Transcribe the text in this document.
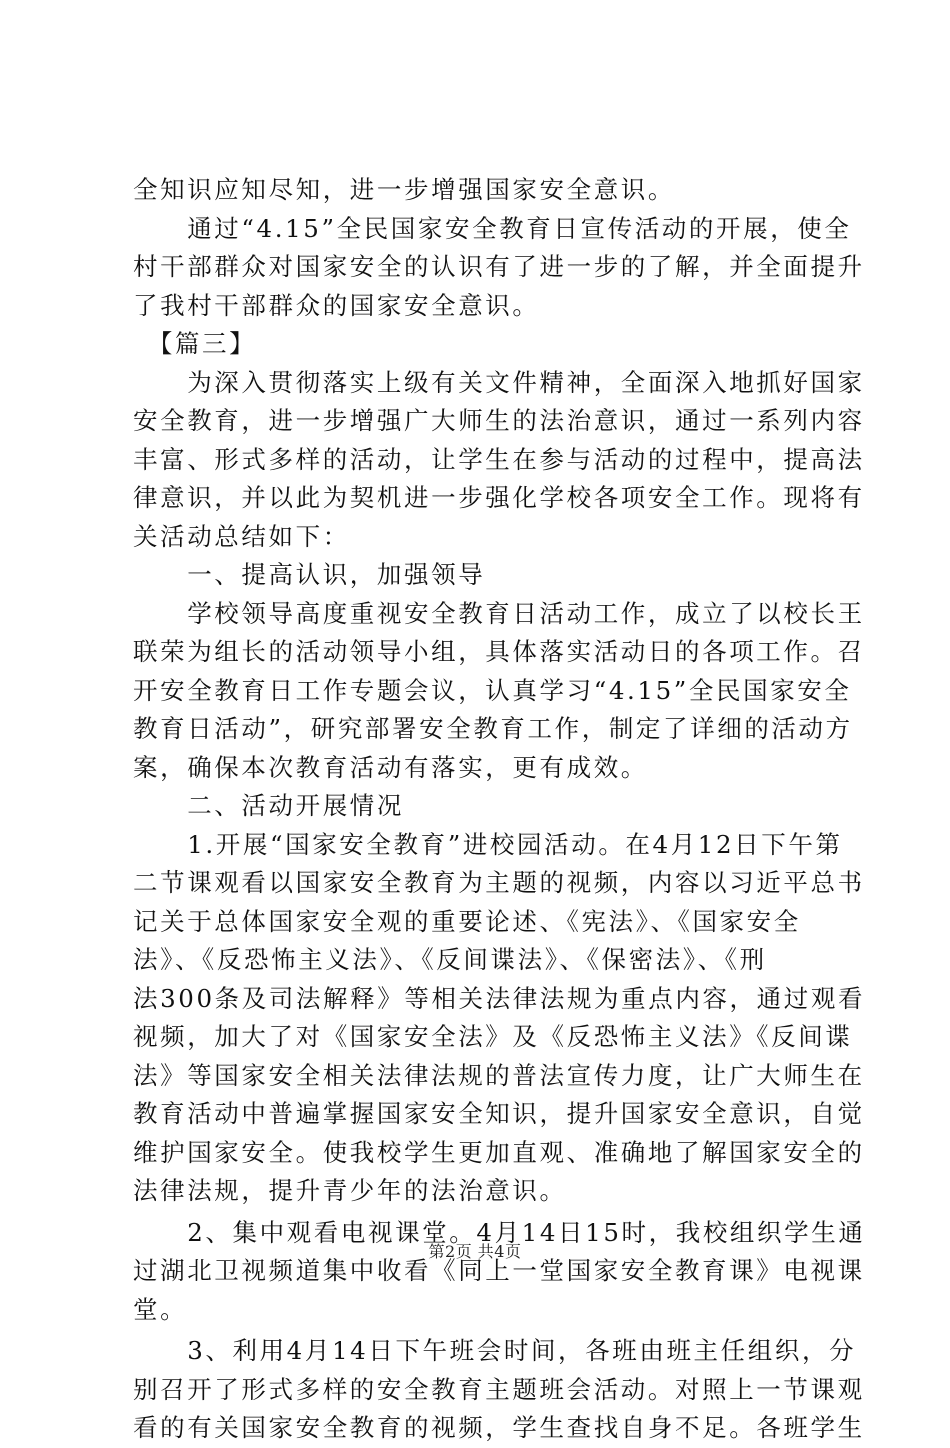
全知识应知尽知，进一步增强国家安全意识。
　　通过“4.15”全民国家安全教育日宣传活动的开展，使全
村干部群众对国家安全的认识有了进一步的了解，并全面提升
了我村干部群众的国家安全意识。
　【篇三】
　　为深入贯彻落实上级有关文件精神，全面深入地抓好国家
安全教育，进一步增强广大师生的法治意识，通过一系列内容
丰富、形式多样的活动，让学生在参与活动的过程中，提高法
律意识，并以此为契机进一步强化学校各项安全工作。现将有
关活动总结如下：
　　一、提高认识，加强领导
　　学校领导高度重视安全教育日活动工作，成立了以校长王
联荣为组长的活动领导小组，具体落实活动日的各项工作。召
开安全教育日工作专题会议，认真学习“4.15”全民国家安全
教育日活动”，研究部署安全教育工作，制定了详细的活动方
案，确保本次教育活动有落实，更有成效。
　　二、活动开展情况
　　1.开展“国家安全教育”进校园活动。在4月12日下午第
二节课观看以国家安全教育为主题的视频，内容以习近平总书
记关于总体国家安全观的重要论述、《宪法》、《国家安全
法》、《反恐怖主义法》、《反间谍法》、《保密法》、《刑
法300条及司法解释》等相关法律法规为重点内容，通过观看
视频，加大了对《国家安全法》及《反恐怖主义法》《反间谍
法》等国家安全相关法律法规的普法宣传力度，让广大师生在
教育活动中普遍掌握国家安全知识，提升国家安全意识，自觉
维护国家安全。使我校学生更加直观、准确地了解国家安全的
法律法规，提升青少年的法治意识。
　　2、集中观看电视课堂。4月14日15时，我校组织学生通
过湖北卫视频道集中收看《同上一堂国家安全教育课》电视课
堂。
　　3、利用4月14日下午班会时间，各班由班主任组织，分
别召开了形式多样的安全教育主题班会活动。对照上一节课观
看的有关国家安全教育的视频，学生查找自身不足。各班学生
第2页 共4页
